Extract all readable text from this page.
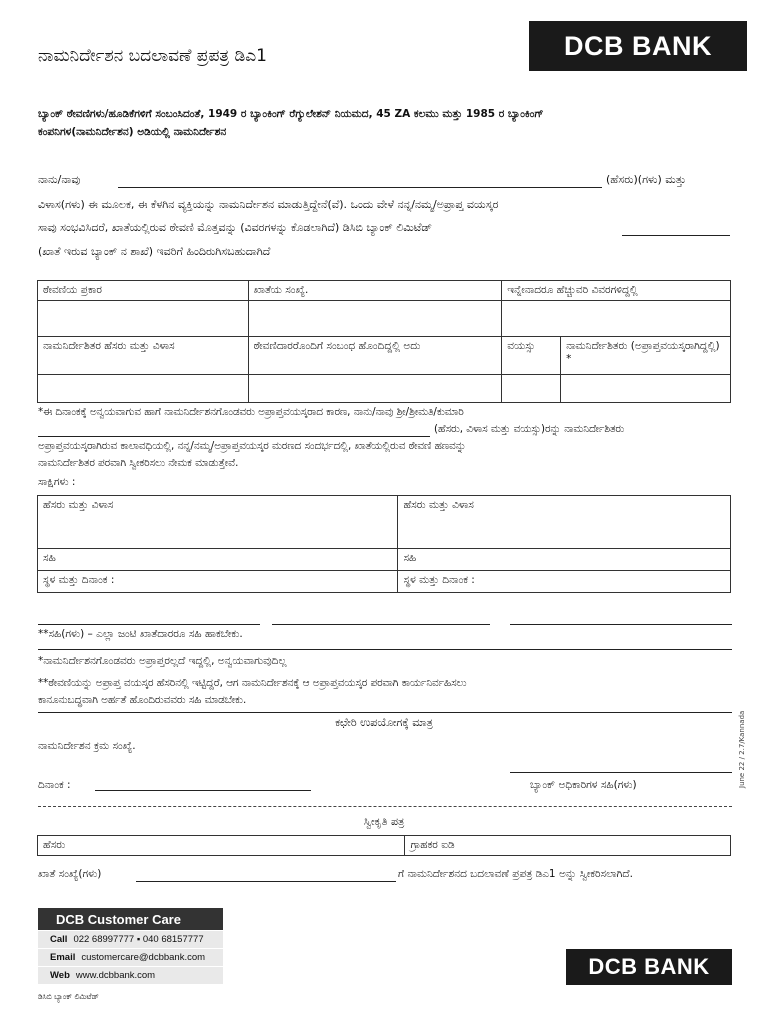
ನಾಮನಿರ್ದೇಶನ ಬದಲಾವಣೆ ಪ್ರಪತ್ರ ಡಿಎ1	DCB BANK
ಬ್ಯಾಂಕ್ ಠೇವಣಿಗಳು/ಹೂಡಿಕೆಗಳಿಗೆ ಸಂಬಂಸಿದಂತೆ, 1949 ರ ಬ್ಯಾಂಕಿಂಗ್ ರೆಗ್ಯುಲೇಶನ್ ನಿಯಮದ, 45 ZA ಕಲಮು ಮತ್ತು 1985 ರ ಬ್ಯಾಂಕಿಂಗ್
ಕಂಪನಿಗಳ(ನಾಮನಿರ್ದೇಶನ) ಅಡಿಯಲ್ಲಿ ನಾಮನಿರ್ದೇಶನ
ನಾನು/ನಾವು	(ಹೆಸರು)(ಗಳು) ಮತ್ತು
ವಿಳಾಸ(ಗಳು) ಈ ಮೂಲಕ, ಈ ಕೆಳಗಿನ ವ್ಯಕ್ತಿಯನ್ನು ನಾಮನಿರ್ದೇಶನ ಮಾಡುತ್ತಿದ್ದೇನೆ(ವೆ). ಒಂದು ವೇಳೆ ನನ್ನ/ನಮ್ಮ/ಅಪ್ರಾಪ್ತ ವಯಸ್ಕರ
ಸಾವು ಸಂಭವಿಸಿದರೆ, ಖಾತೆಯಲ್ಲಿರುವ ಠೇವಣಿ ಮೊತ್ತವನ್ನು (ವಿವರಗಳನ್ನು ಕೊಡಲಾಗಿದೆ) ಡಿಸಿಬಿ ಬ್ಯಾಂಕ್ ಲಿಮಿಟೆಡ್
(ಖಾತೆ ಇರುವ ಬ್ಯಾಂಕ್ ನ ಶಾಖೆ) ಇವರಿಗೆ ಹಿಂದಿರುಗಿಸಬಹುದಾಗಿದೆ
ಠೇವಣಿಯ ಪ್ರಕಾರ	ಖಾತೆಯ ಸಂಖ್ಯೆ.	ಇನ್ನೇನಾದರೂ ಹೆಚ್ಚುವರಿ ವಿವರಗಳಿದ್ದಲ್ಲಿ	

ನಾಮನಿರ್ದೇಶಿತರ ಹೆಸರು ಮತ್ತು ವಿಳಾಸ	ಠೇವಣಿದಾರರೊಂದಿಗೆ ಸಂಬಂಧ ಹೊಂದಿದ್ದಲ್ಲಿ ಅದು	ವಯಸ್ಸು	ನಾಮನಿರ್ದೇಶಿತರು (ಅಪ್ರಾಪ್ತವಯಸ್ಕರಾಗಿದ್ದಲ್ಲಿ) *

*ಈ ದಿನಾಂಕಕ್ಕೆ ಅನ್ವಯವಾಗುವ ಹಾಗೆ ನಾಮನಿರ್ದೇಶನಗೊಂಡವರು ಅಪ್ರಾಪ್ತವಯಸ್ಕರಾದ ಕಾರಣ, ನಾನು/ನಾವು ಶ್ರೀ/ಶ್ರೀಮತಿ/ಕುಮಾರಿ
(ಹೆಸರು, ವಿಳಾಸ ಮತ್ತು ವಯಸ್ಸು)ರನ್ನು ನಾಮನಿರ್ದೇಶಿತರು
ಅಪ್ರಾಪ್ತವಯಸ್ಕರಾಗಿರುವ ಕಾಲಾವಧಿಯಲ್ಲಿ, ನನ್ನ/ನಮ್ಮ/ಅಪ್ರಾಪ್ತವಯಸ್ಕರ ಮರಣದ ಸಂದರ್ಭದಲ್ಲಿ, ಖಾತೆಯಲ್ಲಿರುವ ಠೇವಣಿ ಹಣವನ್ನು
ನಾಮನಿರ್ದೇಶಿತರ ಪರವಾಗಿ ಸ್ವೀಕರಿಸಲು ನೇಮಕ ಮಾಡುತ್ತೇವೆ.
ಸಾಕ್ಷಿಗಳು :
ಹೆಸರು ಮತ್ತು ವಿಳಾಸ	ಹೆಸರು ಮತ್ತು ವಿಳಾಸ
ಸಹಿ	ಸಹಿ
ಸ್ಥಳ ಮತ್ತು ದಿನಾಂಕ :	ಸ್ಥಳ ಮತ್ತು ದಿನಾಂಕ :
**ಸಹಿ(ಗಳು) – ಎಲ್ಲಾ ಜಂಟಿ ಖಾತೆದಾರರೂ ಸಹಿ ಹಾಕಬೇಕು.
*ನಾಮನಿರ್ದೇಶನಗೊಂಡವರು ಅಪ್ರಾಪ್ತರಲ್ಲದೆ ಇದ್ದಲ್ಲಿ, ಅನ್ವಯವಾಗುವುದಿಲ್ಲ
**ಠೇವಣಿಯನ್ನು ಅಪ್ರಾಪ್ತ ವಯಸ್ಕರ ಹೆಸರಿನಲ್ಲಿ ಇಟ್ಟಿದ್ದರೆ, ಆಗ ನಾಮನಿರ್ದೇಶನಕ್ಕೆ ಆ ಅಪ್ರಾಪ್ತವಯಸ್ಕರ ಪರವಾಗಿ ಕಾರ್ಯನಿರ್ವಹಿಸಲು
ಕಾನೂನುಬದ್ಧವಾಗಿ ಅರ್ಹತೆ ಹೊಂದಿರುವವರು ಸಹಿ ಮಾಡಬೇಕು.
ಕಛೇರಿ ಉಪಯೋಗಕ್ಕೆ ಮಾತ್ರ
ನಾಮನಿರ್ದೇಶನ ಕ್ರಮ ಸಂಖ್ಯೆ.
ದಿನಾಂಕ :	ಬ್ಯಾಂಕ್ ಅಧಿಕಾರಿಗಳ ಸಹಿ(ಗಳು)	June 22 / 2.7/Kannada
ಸ್ವೀಕೃತಿ ಪತ್ರ
ಹೆಸರು	ಗ್ರಾಹಕರ ಐಡಿ
ಖಾತೆ ಸಂಖ್ಯೆ(ಗಳು)	ಗೆ ನಾಮನಿರ್ದೇಶನದ ಬದಲಾವಣೆ ಪ್ರಪತ್ರ ಡಿಎ1 ಅನ್ನು ಸ್ವೀಕರಿಸಲಾಗಿದೆ.
DCB Customer Care
Call 022 68997777 ▪ 040 68157777
Email customercare@dcbbank.com
Web www.dcbbank.com
ಡಿಸಿಬಿ ಬ್ಯಾಂಕ್ ಲಿಮಿಟೆಡ್
DCB BANK
